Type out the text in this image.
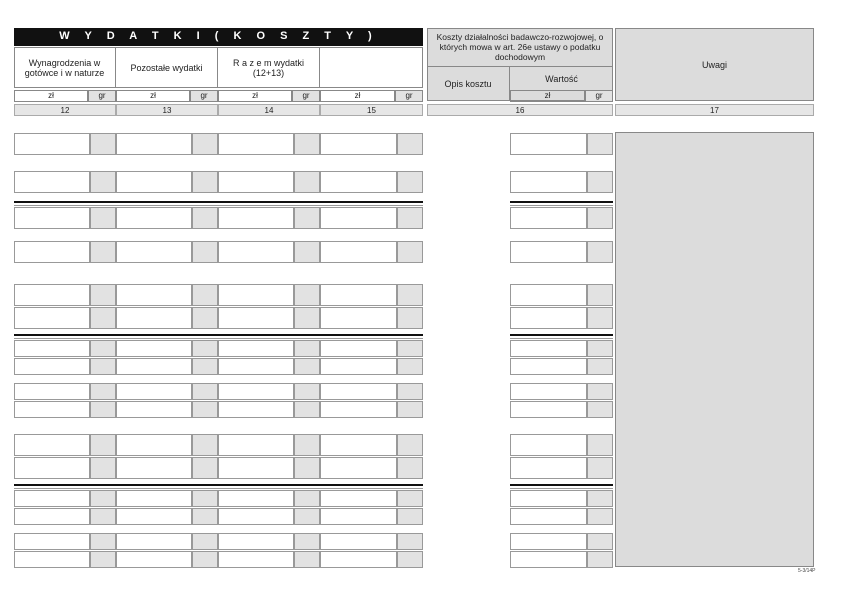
W Y D A T K I ( K O S Z T Y )
Wynagrodzenia w gotówce i w naturze	Pozostałe wydatki	R a z e m wydatki (12+13)
Koszty działalności badawczo-rozwojowej, o których mowa w art. 26e ustawy o podatku dochodowym
Opis kosztu	Wartość
Uwagi
zł	gr	zł	gr	zł	gr	zł	gr	zł	gr
12	13	14	15	16	17
5-3/14P
